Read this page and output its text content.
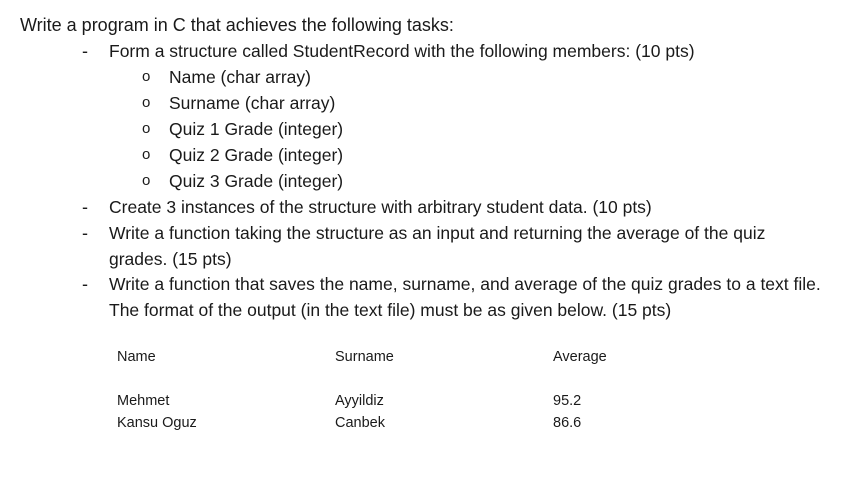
Write a program in C that achieves the following tasks:
-	Form a structure called StudentRecord with the following members: (10 pts)
o Name (char array)
o Surname (char array)
o Quiz 1 Grade (integer)
o Quiz 2 Grade (integer)
o Quiz 3 Grade (integer)
-	Create 3 instances of the structure with arbitrary student data. (10 pts)
-	Write a function taking the structure as an input and returning the average of the quiz grades. (15 pts)
-	Write a function that saves the name, surname, and average of the quiz grades to a text file. The format of the output (in the text file) must be as given below. (15 pts)
Name	Surname	Average
Mehmet	Ayyildiz	95.2
Kansu Oguz	Canbek	86.6
